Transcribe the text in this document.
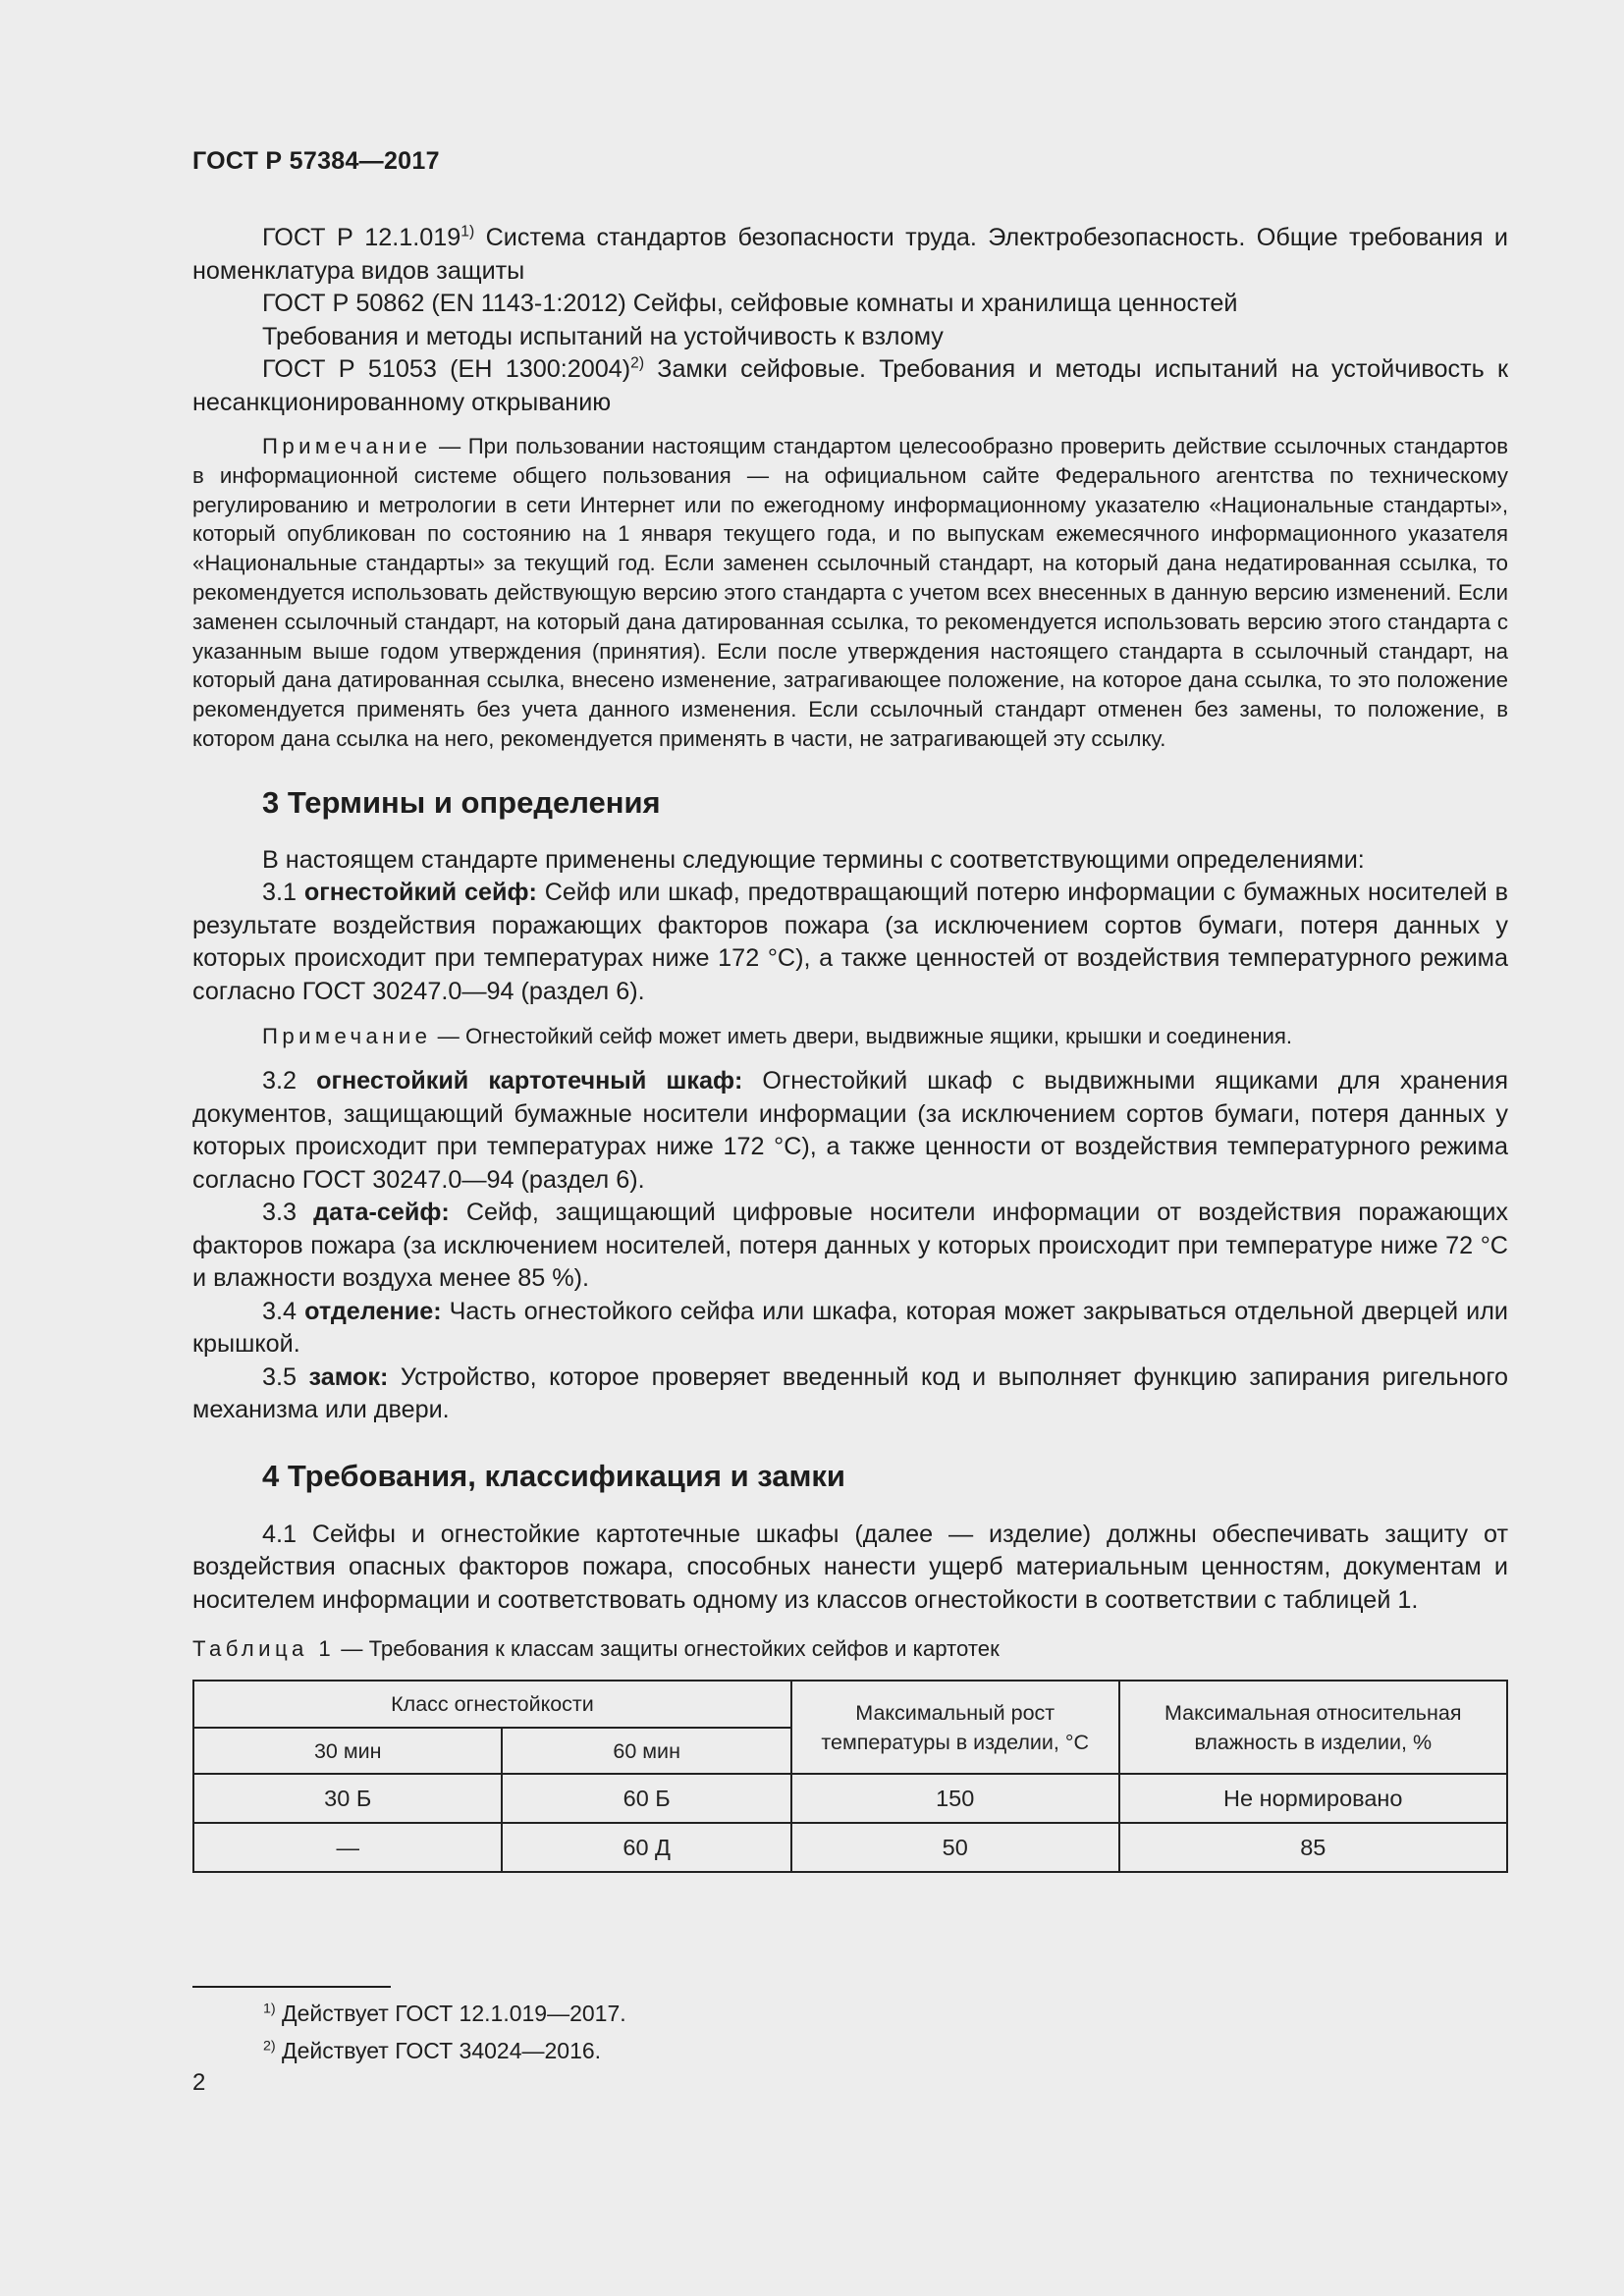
ГОСТ Р 57384—2017

ГОСТ Р 12.1.019$^{1)}$ Система стандартов безопасности труда. Электробезопасность. Общие требования и номенклатура видов защиты

ГОСТ Р 50862 (EN 1143-1:2012) Сейфы, сейфовые комнаты и хранилища ценностей

Требования и методы испытаний на устойчивость к взлому

ГОСТ Р 51053 (ЕН 1300:2004)$^{2)}$ Замки сейфовые. Требования и методы испытаний на устойчивость к несанкционированному открыванию

Примечание — При пользовании настоящим стандартом целесообразно проверить действие ссылочных стандартов в информационной системе общего пользования — на официальном сайте Федерального агентства по техническому регулированию и метрологии в сети Интернет или по ежегодному информационному указателю «Национальные стандарты», который опубликован по состоянию на 1 января текущего года, и по выпускам ежемесячного информационного указателя «Национальные стандарты» за текущий год. Если заменен ссылочный стандарт, на который дана недатированная ссылка, то рекомендуется использовать действующую версию этого стандарта с учетом всех внесенных в данную версию изменений. Если заменен ссылочный стандарт, на который дана датированная ссылка, то рекомендуется использовать версию этого стандарта с указанным выше годом утверждения (принятия). Если после утверждения настоящего стандарта в ссылочный стандарт, на который дана датированная ссылка, внесено изменение, затрагивающее положение, на которое дана ссылка, то это положение рекомендуется применять без учета данного изменения. Если ссылочный стандарт отменен без замены, то положение, в котором дана ссылка на него, рекомендуется применять в части, не затрагивающей эту ссылку.

3 Термины и определения

В настоящем стандарте применены следующие термины с соответствующими определениями:

3.1 огнестойкий сейф: Сейф или шкаф, предотвращающий потерю информации с бумажных носителей в результате воздействия поражающих факторов пожара (за исключением сортов бумаги, потеря данных у которых происходит при температурах ниже 172 °С), а также ценностей от воздействия температурного режима согласно ГОСТ 30247.0—94 (раздел 6).

Примечание — Огнестойкий сейф может иметь двери, выдвижные ящики, крышки и соединения.

3.2 огнестойкий картотечный шкаф: Огнестойкий шкаф с выдвижными ящиками для хранения документов, защищающий бумажные носители информации (за исключением сортов бумаги, потеря данных у которых происходит при температурах ниже 172 °С), а также ценности от воздействия температурного режима согласно ГОСТ 30247.0—94 (раздел 6).

3.3 дата-сейф: Сейф, защищающий цифровые носители информации от воздействия поражающих факторов пожара (за исключением носителей, потеря данных у которых происходит при температуре ниже 72 °С и влажности воздуха менее 85 %).

3.4 отделение: Часть огнестойкого сейфа или шкафа, которая может закрываться отдельной дверцей или крышкой.

3.5 замок: Устройство, которое проверяет введенный код и выполняет функцию запирания ригельного механизма или двери.

4 Требования, классификация и замки

4.1 Сейфы и огнестойкие картотечные шкафы (далее — изделие) должны обеспечивать защиту от воздействия опасных факторов пожара, способных нанести ущерб материальным ценностям, документам и носителем информации и соответствовать одному из классов огнестойкости в соответствии с таблицей 1.

Таблица 1 — Требования к классам защиты огнестойких сейфов и картотек

Класс огнестойкости		Максимальный рост температуры в изделии, °С	Максимальная относительная влажность в изделии, %
30 мин	60 мин		
30 Б	60 Б	150	Не нормировано
—	60 Д	50	85
$^{1)}$ Действует ГОСТ 12.1.019—2017.
$^{2)}$ Действует ГОСТ 34024—2016.
2
